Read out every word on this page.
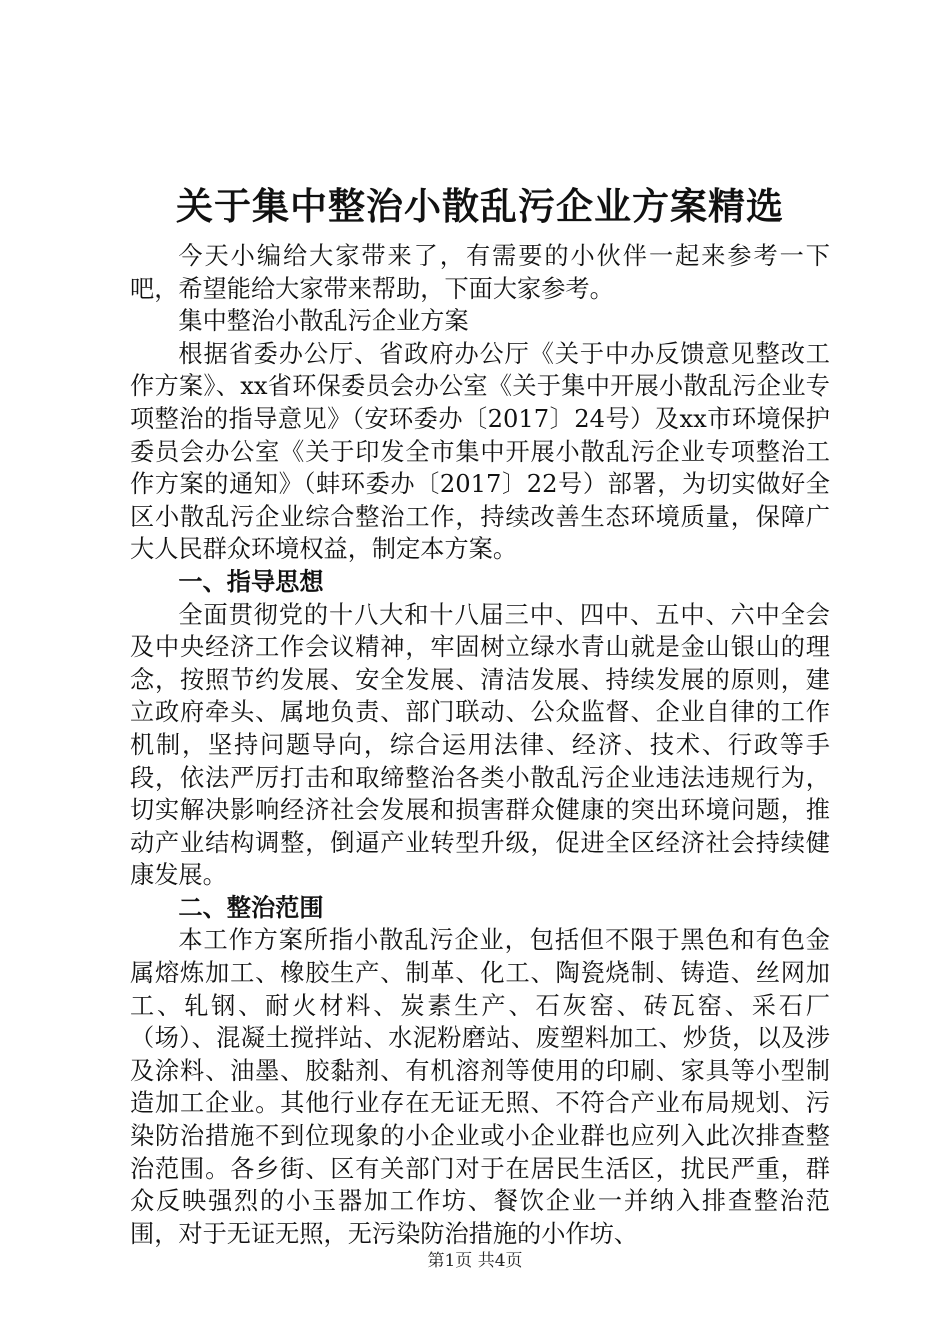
关于集中整治小散乱污企业方案精选

今天小编给大家带来了，有需要的小伙伴一起来参考一下吧，希望能给大家带来帮助，下面大家参考。

集中整治小散乱污企业方案

根据省委办公厅、省政府办公厅《关于中办反馈意见整改工作方案》、xx省环保委员会办公室《关于集中开展小散乱污企业专项整治的指导意见》（安环委办〔2017〕24号）及xx市环境保护委员会办公室《关于印发全市集中开展小散乱污企业专项整治工作方案的通知》（蚌环委办〔2017〕22号）部署，为切实做好全区小散乱污企业综合整治工作，持续改善生态环境质量，保障广大人民群众环境权益，制定本方案。

一、指导思想

全面贯彻党的十八大和十八届三中、四中、五中、六中全会及中央经济工作会议精神，牢固树立绿水青山就是金山银山的理念，按照节约发展、安全发展、清洁发展、持续发展的原则，建立政府牵头、属地负责、部门联动、公众监督、企业自律的工作机制，坚持问题导向，综合运用法律、经济、技术、行政等手段，依法严厉打击和取缔整治各类小散乱污企业违法违规行为，切实解决影响经济社会发展和损害群众健康的突出环境问题，推动产业结构调整，倒逼产业转型升级，促进全区经济社会持续健康发展。

二、整治范围

本工作方案所指小散乱污企业，包括但不限于黑色和有色金属熔炼加工、橡胶生产、制革、化工、陶瓷烧制、铸造、丝网加工、轧钢、耐火材料、炭素生产、石灰窑、砖瓦窑、采石厂（场）、混凝土搅拌站、水泥粉磨站、废塑料加工、炒货，以及涉及涂料、油墨、胶黏剂、有机溶剂等使用的印刷、家具等小型制造加工企业。其他行业存在无证无照、不符合产业布局规划、污染防治措施不到位现象的小企业或小企业群也应列入此次排查整治范围。各乡街、区有关部门对于在居民生活区，扰民严重，群众反映强烈的小玉器加工作坊、餐饮企业一并纳入排查整治范围，对于无证无照，无污染防治措施的小作坊、

第1页 共4页
